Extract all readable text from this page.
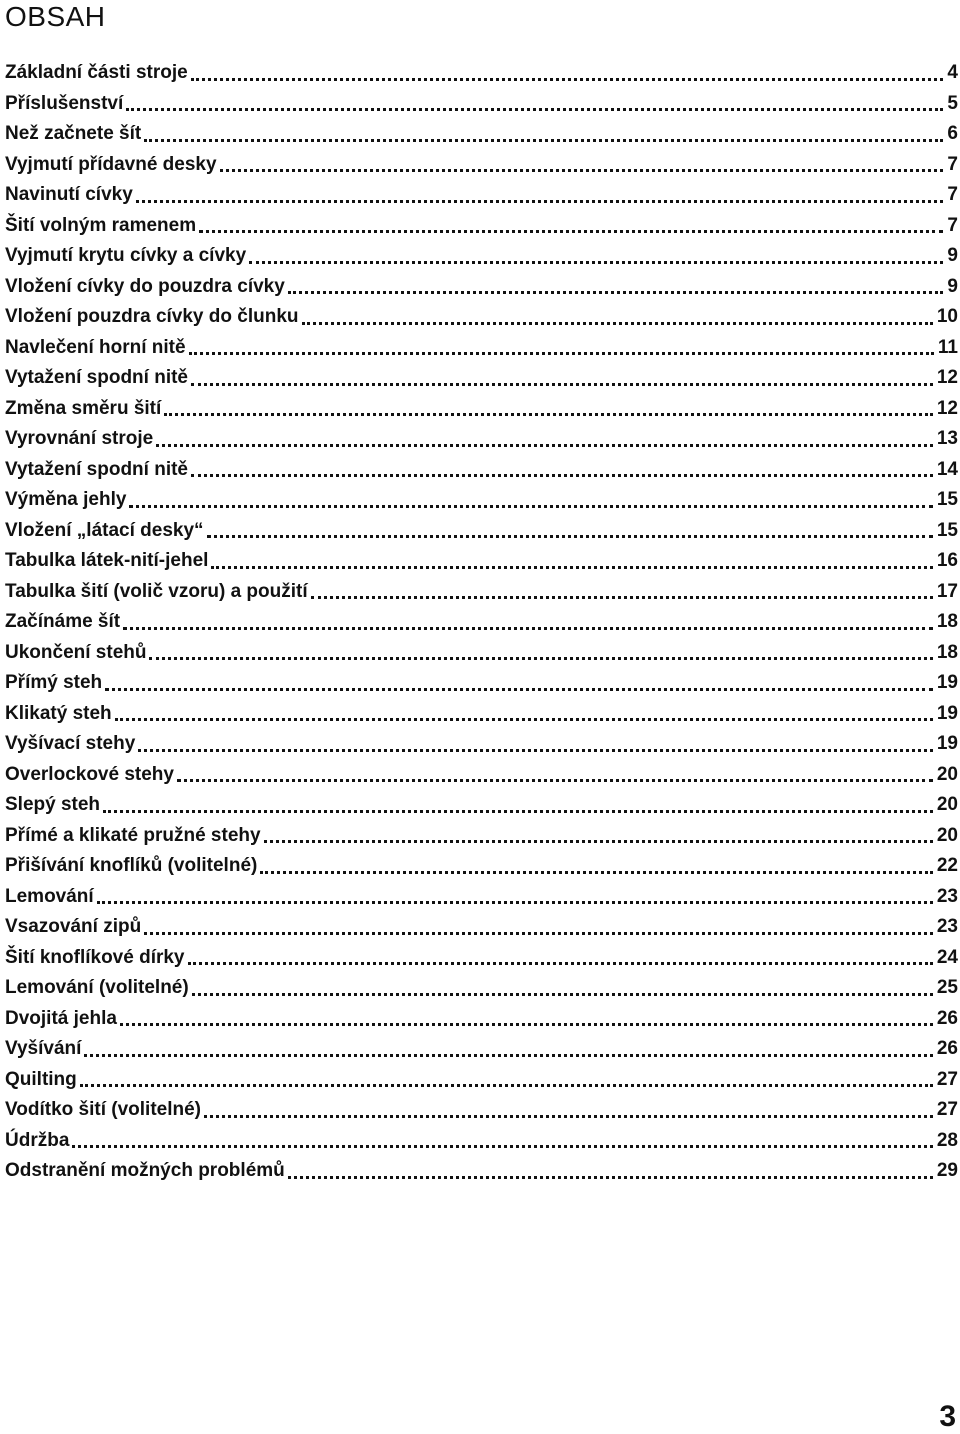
OBSAH
Základní části stroje	4
Příslušenství	5
Než začnete šít	6
Vyjmutí přídavné desky	7
Navinutí cívky	7
Šití volným ramenem	7
Vyjmutí krytu cívky a cívky	9
Vložení cívky do pouzdra cívky	9
Vložení pouzdra cívky do člunku	10
Navlečení horní nitě	11
Vytažení spodní nitě	12
Změna směru šití	12
Vyrovnání stroje	13
Vytažení spodní nitě	14
Výměna jehly	15
Vložení „látací desky“	15
Tabulka látek-nití-jehel	16
Tabulka šití (volič vzoru) a použití	17
Začínáme šít	18
Ukončení stehů	18
Přímý steh	19
Klikatý steh	19
Vyšívací stehy	19
Overlockové stehy	20
Slepý steh	20
Přímé a klikaté pružné stehy	20
Přišívání knoflíků (volitelné)	22
Lemování	23
Vsazování zipů	23
Šití knoflíkové dírky	24
Lemování (volitelné)	25
Dvojitá jehla	26
Vyšívání	26
Quilting	27
Vodítko šití (volitelné)	27
Údržba	28
Odstranění možných problémů	29
3
